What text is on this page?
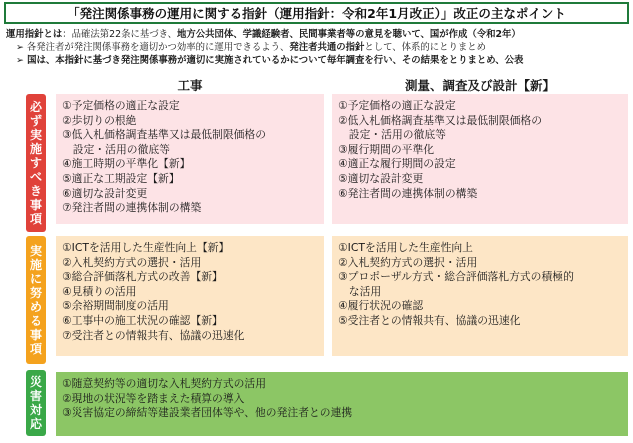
「発注関係事務の運用に関する指針（運用指針：令和2年1月改正）」改正の主なポイント
運用指針とは：品確法第22条に基づき、地方公共団体、学識経験者、民間事業者等の意見を聴いて、国が作成（令和2年）
➢ 各発注者が発注関係事務を適切かつ効率的に運用できるよう、発注者共通の指針として、体系的にとりまとめ
➢ 国は、本指針に基づき発注関係事務が適切に実施されているかについて毎年調査を行い、その結果をとりまとめ、公表
工事	測量、調査及び設計【新】
必
ず
実
施
す
べ
き
事
項
①予定価格の適正な設定
②歩切りの根絶
③低入札価格調査基準又は最低制限価格の
　設定・活用の徹底等
④施工時期の平準化【新】
⑤適正な工期設定【新】
⑥適切な設計変更
⑦発注者間の連携体制の構築
①予定価格の適正な設定
②低入札価格調査基準又は最低制限価格の
　設定・活用の徹底等
③履行期間の平準化
④適正な履行期間の設定
⑤適切な設計変更
⑥発注者間の連携体制の構築
実
施
に
努
め
る
事
項
①ICTを活用した生産性向上【新】
②入札契約方式の選択・活用
③総合評価落札方式の改善【新】
④見積りの活用
⑤余裕期間制度の活用
⑥工事中の施工状況の確認【新】
⑦受注者との情報共有、協議の迅速化
①ICTを活用した生産性向上
②入札契約方式の選択・活用
③プロポーザル方式・総合評価落札方式の積極的
　な活用
④履行状況の確認
⑤受注者との情報共有、協議の迅速化
災
害
対
応
①随意契約等の適切な入札契約方式の活用
②現地の状況等を踏まえた積算の導入
③災害協定の締結等建設業者団体等や、他の発注者との連携
